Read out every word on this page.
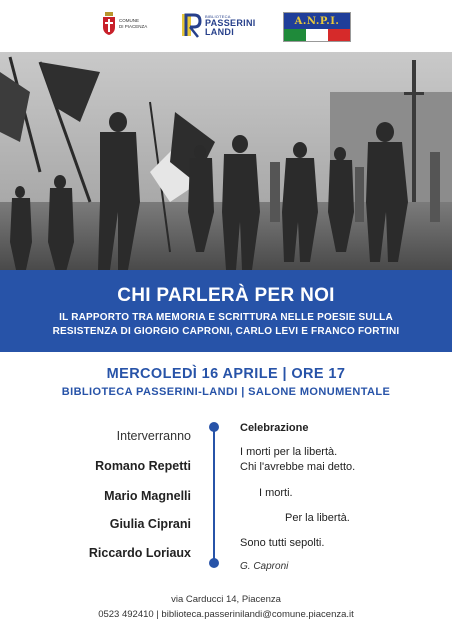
COMUNE
DI PIACENZA
BIBLIOTECA
PASSERINI
LANDI
A.N.P.I.
CHI PARLERÀ PER NOI
IL RAPPORTO TRA MEMORIA E SCRITTURA NELLE POESIE SULLA
RESISTENZA DI GIORGIO CAPRONI, CARLO LEVI E FRANCO FORTINI
MERCOLEDÌ 16 APRILE | ORE 17
BIBLIOTECA PASSERINI-LANDI | SALONE MONUMENTALE
Interverranno
Romano Repetti
Mario Magnelli
Giulia Ciprani
Riccardo Loriaux
Celebrazione
I morti per la libertà.
Chi l'avrebbe mai detto.
I morti.
Per la libertà.
Sono tutti sepolti.
G. Caproni
via Carducci 14, Piacenza
0523 492410 | biblioteca.passerinilandi@comune.piacenza.it
